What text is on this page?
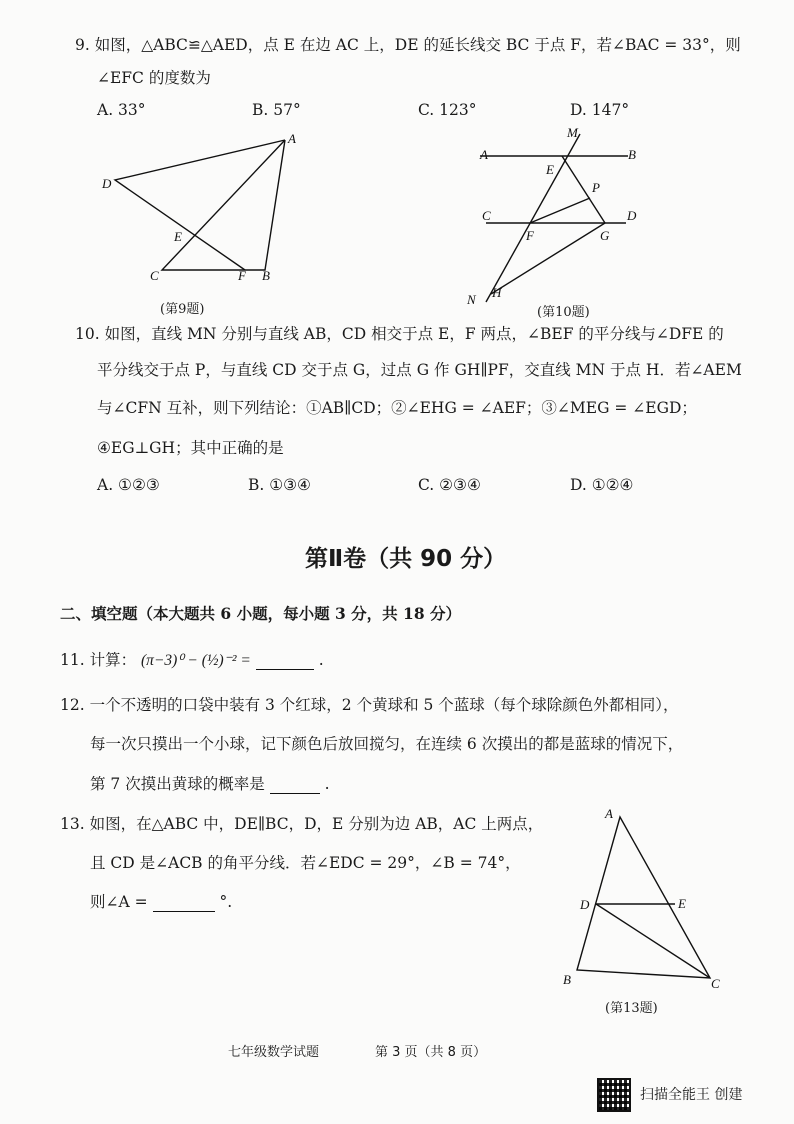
9. 如图，△ABC≌△AED，点 E 在边 AC 上，DE 的延长线交 BC 于点 F，若∠BAC = 33°，则
∠EFC 的度数为
A. 33°	B. 57°	C. 123°	D. 147°
A
D
E
C	F B
(第9题)
M
A	B
E
P
C	D
F	G
H
N
(第10题)
10. 如图，直线 MN 分别与直线 AB，CD 相交于点 E，F 两点，∠BEF 的平分线与∠DFE 的
平分线交于点 P，与直线 CD 交于点 G，过点 G 作 GH∥PF，交直线 MN 于点 H．若∠AEM
与∠CFN 互补，则下列结论：①AB∥CD；②∠EHG = ∠AEF；③∠MEG = ∠EGD；
④EG⊥GH；其中正确的是
A. ①②③	B. ①③④	C. ②③④	D. ①②④
第Ⅱ卷（共 90 分）
二、填空题（本大题共 6 小题，每小题 3 分，共 18 分）
11. 计算： (π−3)⁰ − (½)⁻² =	.
12. 一个不透明的口袋中装有 3 个红球，2 个黄球和 5 个蓝球（每个球除颜色外都相同），
每一次只摸出一个小球，记下颜色后放回搅匀，在连续 6 次摸出的都是蓝球的情况下，
第 7 次摸出黄球的概率是	.
13. 如图，在△ABC 中，DE∥BC，D，E 分别为边 AB，AC 上两点，
且 CD 是∠ACB 的角平分线．若∠EDC = 29°，∠B = 74°，
则∠A =	°.
A
D	E
B	C
(第13题)
七年级数学试题	第 3 页（共 8 页）
扫描全能王 创建
